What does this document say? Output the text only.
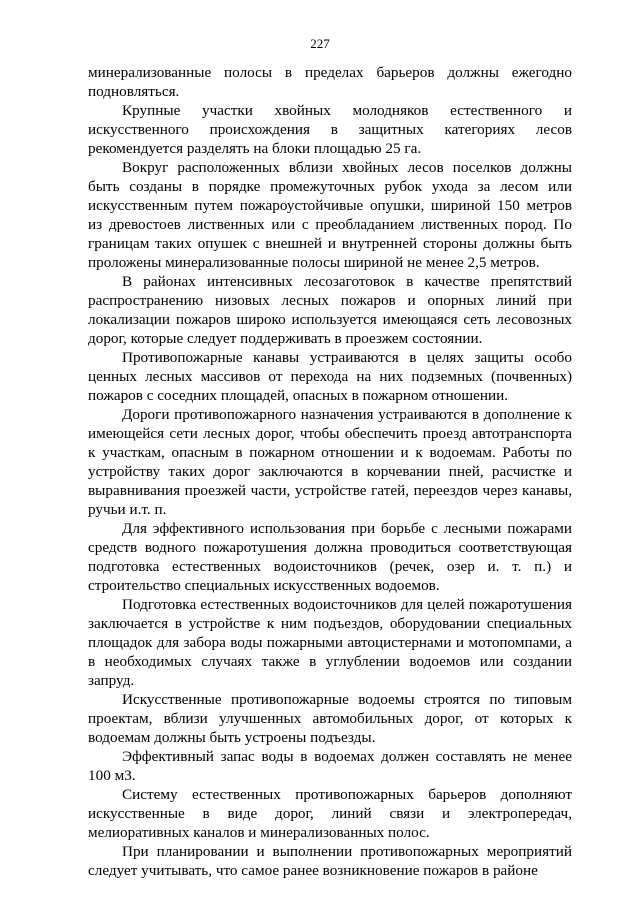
227

минерализованные полосы в пределах барьеров должны ежегодно подновляться.

Крупные участки хвойных молодняков естественного и искусственного происхождения в защитных категориях лесов рекомендуется разделять на блоки площадью 25 га.

Вокруг расположенных вблизи хвойных лесов поселков должны быть созданы в порядке промежуточных рубок ухода за лесом или искусственным путем пожароустойчивые опушки, шириной 150 метров из древостоев лиственных или с преобладанием лиственных пород. По границам таких опушек с внешней и внутренней стороны должны быть проложены минерализованные полосы шириной не менее 2,5 метров.

В районах интенсивных лесозаготовок в качестве препятствий распространению низовых лесных пожаров и опорных линий при локализации пожаров широко используется имеющаяся сеть лесовозных дорог, которые следует поддерживать в проезжем состоянии.

Противопожарные канавы устраиваются в целях защиты особо ценных лесных массивов от перехода на них подземных (почвенных) пожаров с соседних площадей, опасных в пожарном отношении.

Дороги противопожарного назначения устраиваются в дополнение к имеющейся сети лесных дорог, чтобы обеспечить проезд автотранспорта к участкам, опасным в пожарном отношении и к водоемам. Работы по устройству таких дорог заключаются в корчевании пней, расчистке и выравнивания проезжей части, устройстве гатей, переездов через канавы, ручьи и.т. п.

Для эффективного использования при борьбе с лесными пожарами средств водного пожаротушения должна проводиться соответствующая подготовка естественных водоисточников (речек, озер и. т. п.) и строительство специальных искусственных водоемов.

Подготовка естественных водоисточников для целей пожаротушения заключается в устройстве к ним подъездов, оборудовании специальных площадок для забора воды пожарными автоцистернами и мотопомпами, а в необходимых случаях также в углублении водоемов или создании запруд.

Искусственные противопожарные водоемы строятся по типовым проектам, вблизи улучшенных автомобильных дорог, от которых к водоемам должны быть устроены подъезды.

Эффективный запас воды в водоемах должен составлять не менее 100 м3.

Систему естественных противопожарных барьеров дополняют искусственные в виде дорог, линий связи и электропередач, мелиоративных каналов и минерализованных полос.

При планировании и выполнении противопожарных мероприятий следует учитывать, что самое ранее возникновение пожаров в районе
